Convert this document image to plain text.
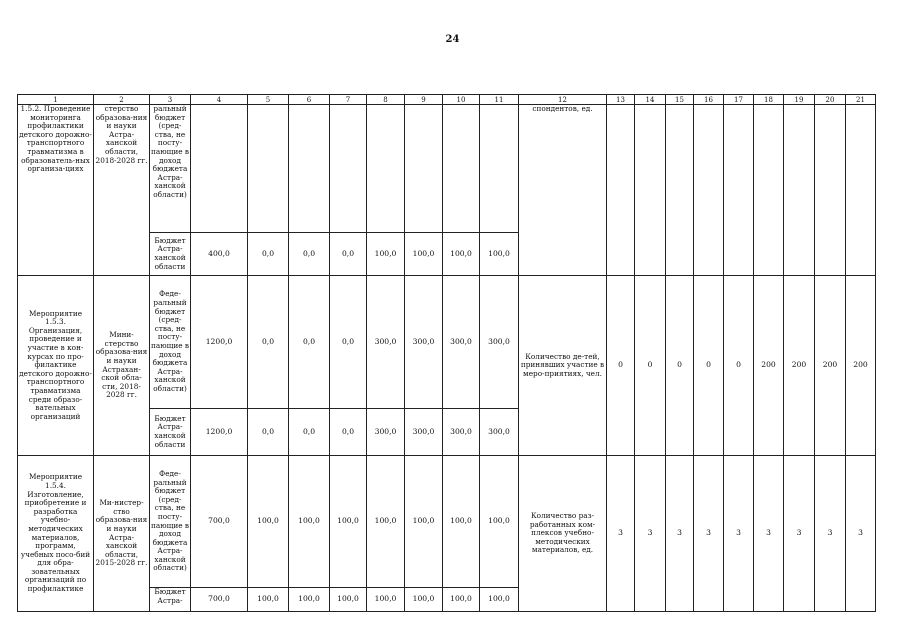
24
1	2	3	4	5	6	7	8	9	10	11	12	13	14	15	16	17	18	19	20	21
1.5.2. Проведение мониторинга профилактики детского дорожно-транспортного травматизма в образователь-ных организа-циях	стерство образова-ния и науки Астра-ханской области, 2018-2028 гг.	ральный бюджет (сред-ства, не посту-пающие в доход бюджета Астра-ханской области)									спондентов, ед.									
		Бюджет Астра-ханской области	400,0	0,0	0,0	0,0	100,0	100,0	100,0	100,0										
Мероприятие 1.5.3. Организация, проведение и участие в кон-курсах по про-филактике детского дорожно-транспортного травматизма среди образо-вательных организаций	Мини-стерство образова-ния и науки Астрахан-ской обла-сти, 2018-2028 гг.	Феде-ральный бюджет (сред-ства, не посту-пающие в доход бюджета Астра-ханской области)	1200,0	0,0	0,0	0,0	300,0	300,0	300,0	300,0	Количество де-тей, принявших участие в меро-приятиях, чел.	0	0	0	0	0	200	200	200	200
		Бюджет Астра-ханской области	1200,0	0,0	0,0	0,0	300,0	300,0	300,0	300,0										
Мероприятие 1.5.4. Изготовление, приобретение и разработка учебно-методических материалов, программ, учебных посо-бий для обра-зовательных организаций по профилактике	Ми-нистер-ство образова-ния и науки Астра-ханской области, 2015-2028 гг.	Феде-ральный бюджет (сред-ства, не посту-пающие в доход бюджета Астра-ханской области)	700,0	100,0	100,0	100,0	100,0	100,0	100,0	100,0	Количество раз-работанных ком-плексов учебно-методических материалов, ед.	3	3	3	3	3	3	3	3	3
		Бюджет Астра-	700,0	100,0	100,0	100,0	100,0	100,0	100,0	100,0										
